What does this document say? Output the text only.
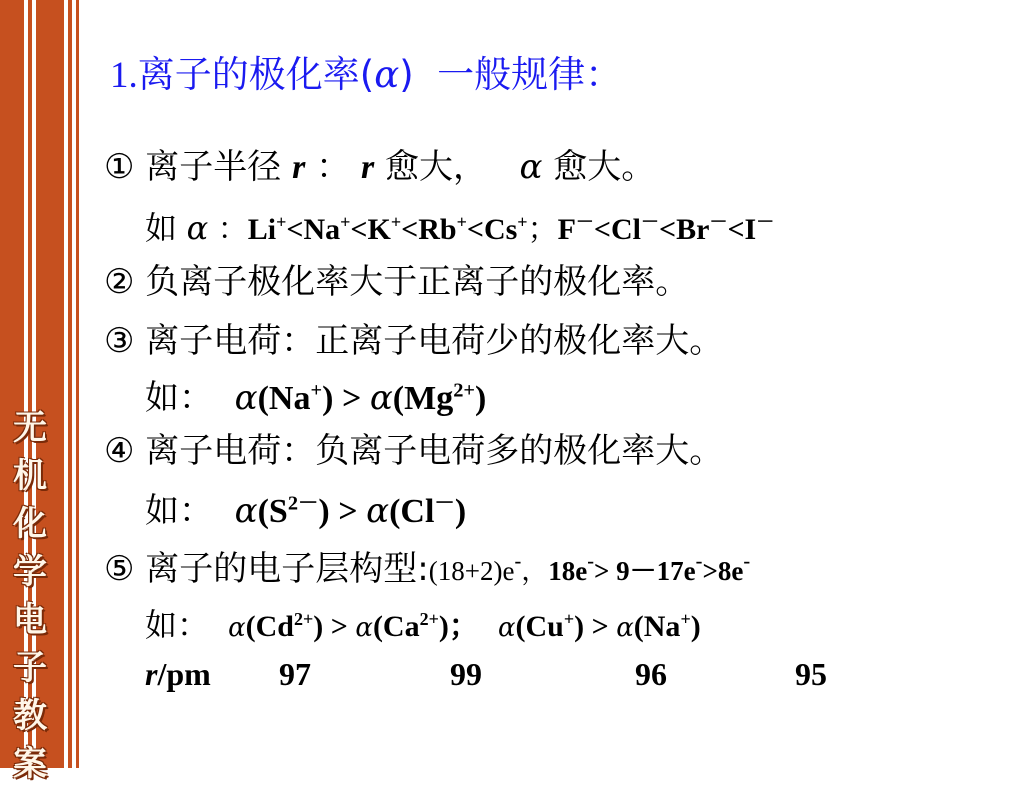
无
机
化
学
电
子
教
案
1.离子的极化率(α) 一般规律：
① 离子半径 r ： r 愈大， α 愈大。
如 α ：Li+<Na+<K+<Rb+<Cs+；F－<Cl－<Br－<I－
② 负离子极化率大于正离子的极化率。
③ 离子电荷：正离子电荷少的极化率大。
如： $\alpha(Na^+) > \alpha(Mg^{2+})$
④ 离子电荷：负离子电荷多的极化率大。
如： $\alpha(S^{2-}) > \alpha(Cl^-)$
⑤ 离子的电子层构型:(18+2)e-，18e-> 9－17e->8e-
如： $\alpha(Cd^{2+}) > \alpha(Ca^{2+})$； α(Cu+) > α(Na+)
r/pm 97	99	96	95
